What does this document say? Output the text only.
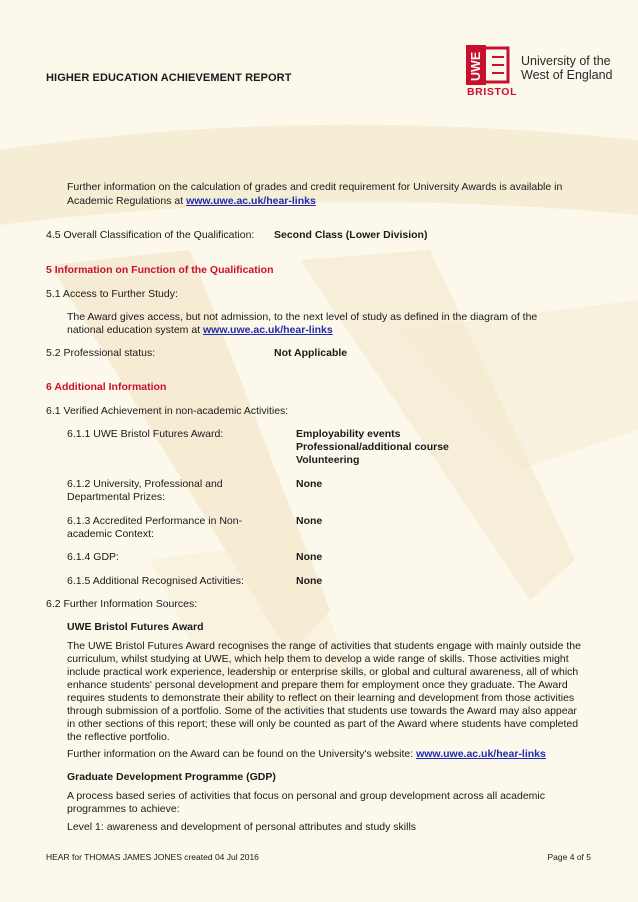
HIGHER EDUCATION ACHIEVEMENT REPORT	UWE
BRISTOL
University of the
West of England
Further information on the calculation of grades and credit requirement for University Awards is available in
Academic Regulations at www.uwe.ac.uk/hear-links
4.5 Overall Classification of the Qualification: Second Class (Lower Division)
5 Information on Function of the Qualification
5.1 Access to Further Study:
The Award gives access, but not admission, to the next level of study as defined in the diagram of the
national education system at www.uwe.ac.uk/hear-links
5.2 Professional status:	Not Applicable
6 Additional Information
6.1 Verified Achievement in non-academic Activities:
6.1.1 UWE Bristol Futures Award:	Employability events
Professional/additional course
Volunteering
6.1.2 University, Professional and
Departmental Prizes:
None
6.1.3 Accredited Performance in Non-
academic Context:
None
6.1.4 GDP:	None
6.1.5 Additional Recognised Activities:	None
6.2 Further Information Sources:
UWE Bristol Futures Award
The UWE Bristol Futures Award recognises the range of activities that students engage with mainly outside the
curriculum, whilst studying at UWE, which help them to develop a wide range of skills. Those activities might
include practical work experience, leadership or enterprise skills, or global and cultural awareness, all of which
enhance students' personal development and prepare them for employment once they graduate. The Award
requires students to demonstrate their ability to reflect on their learning and development from those activities
through submission of a portfolio. Some of the activities that students use towards the Award may also appear
in other sections of this report; these will only be counted as part of the Award where students have completed
the reflective portfolio.
Further information on the Award can be found on the University's website: www.uwe.ac.uk/hear-links
Graduate Development Programme (GDP)
A process based series of activities that focus on personal and group development across all academic
programmes to achieve:
Level 1: awareness and development of personal attributes and study skills
HEAR for THOMAS JAMES JONES created 04 Jul 2016	Page 4 of 5
